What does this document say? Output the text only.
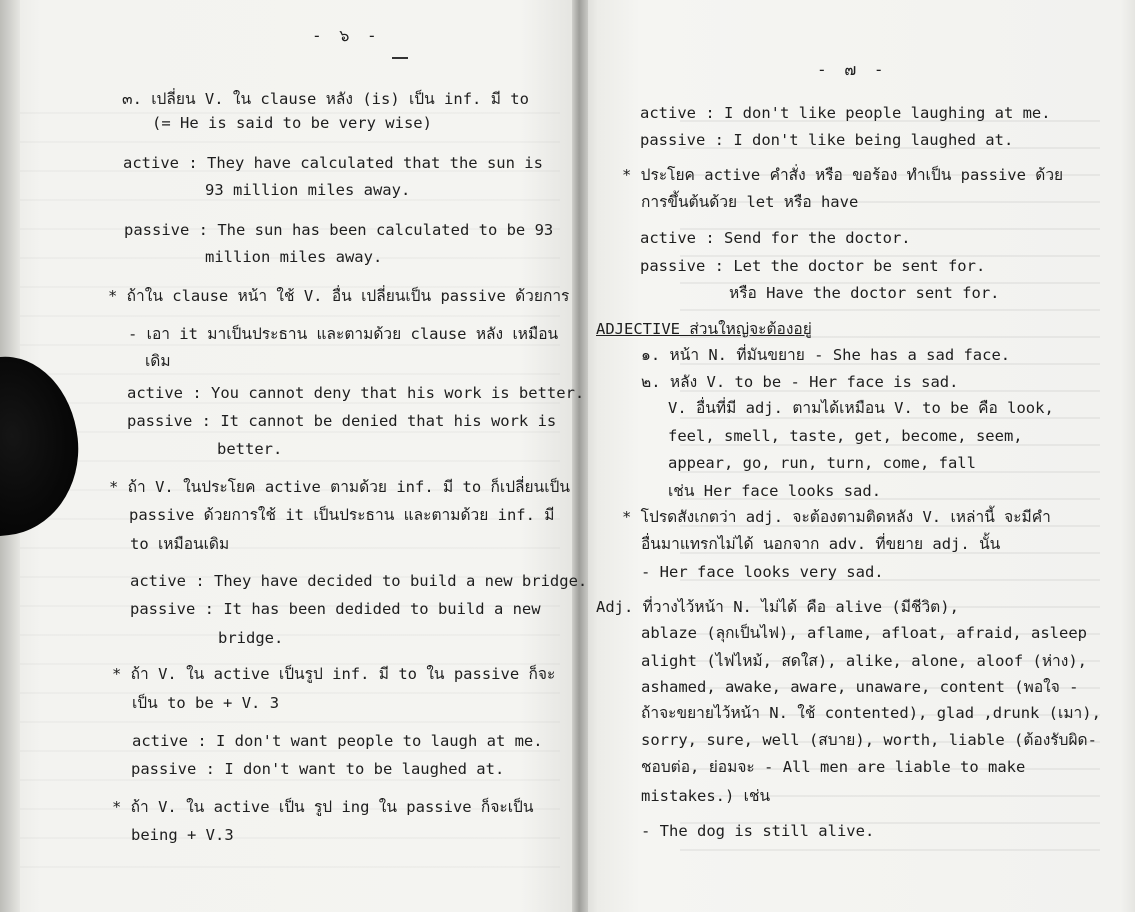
- ๖ -
๓. เปลี่ยน V. ใน clause หลัง (is) เป็น inf. มี to
(= He is said to be very wise)
active : They have calculated that the sun is
93 million miles away.
passive : The sun has been calculated to be 93
million miles away.
* ถ้าใน clause หน้า ใช้ V. อื่น เปลี่ยนเป็น passive ด้วยการ
- เอา it มาเป็นประธาน และตามด้วย clause หลัง เหมือน
เดิม
active : You cannot deny that his work is better.
passive : It cannot be denied that his work is
better.
* ถ้า V. ในประโยค active ตามด้วย inf. มี to ก็เปลี่ยนเป็น
passive ด้วยการใช้ it เป็นประธาน และตามด้วย inf. มี
to เหมือนเดิม
active : They have decided to build a new bridge.
passive : It has been dedided to build a new
bridge.
* ถ้า V. ใน active เป็นรูป inf. มี to ใน passive ก็จะ
เป็น to be + V. 3
active : I don't want people to laugh at me.
passive : I don't want to be laughed at.
* ถ้า V. ใน active เป็น รูป ing ใน passive ก็จะเป็น
being + V.3
- ๗ -
active : I don't like people laughing at me.
passive : I don't like being laughed at.
* ประโยค active คำสั่ง หรือ ขอร้อง ทำเป็น passive ด้วย
การขึ้นต้นด้วย let หรือ have
active : Send for the doctor.
passive : Let the doctor be sent for.
หรือ Have the doctor sent for.
ADJECTIVE ส่วนใหญ่จะต้องอยู่
๑. หน้า N. ที่มันขยาย - She has a sad face.
๒. หลัง V. to be - Her face is sad.
V. อื่นที่มี adj. ตามได้เหมือน V. to be คือ look,
feel, smell, taste, get, become, seem,
appear, go, run, turn, come, fall
เช่น Her face looks sad.
* โปรดสังเกตว่า adj. จะต้องตามติดหลัง V. เหล่านี้ จะมีคำ
อื่นมาแทรกไม่ได้ นอกจาก adv. ที่ขยาย adj. นั้น
- Her face looks very sad.
Adj. ที่วางไว้หน้า N. ไม่ได้ คือ alive (มีชีวิต),
ablaze (ลุกเป็นไฟ), aflame, afloat, afraid, asleep
alight (ไฟไหม้, สดใส), alike, alone, aloof (ห่าง),
ashamed, awake, aware, unaware, content (พอใจ -
ถ้าจะขยายไว้หน้า N. ใช้ contented), glad ,drunk (เมา),
sorry, sure, well (สบาย), worth, liable (ต้องรับผิด-
ชอบต่อ, ย่อมจะ - All men are liable to make
mistakes.) เช่น
- The dog is still alive.
